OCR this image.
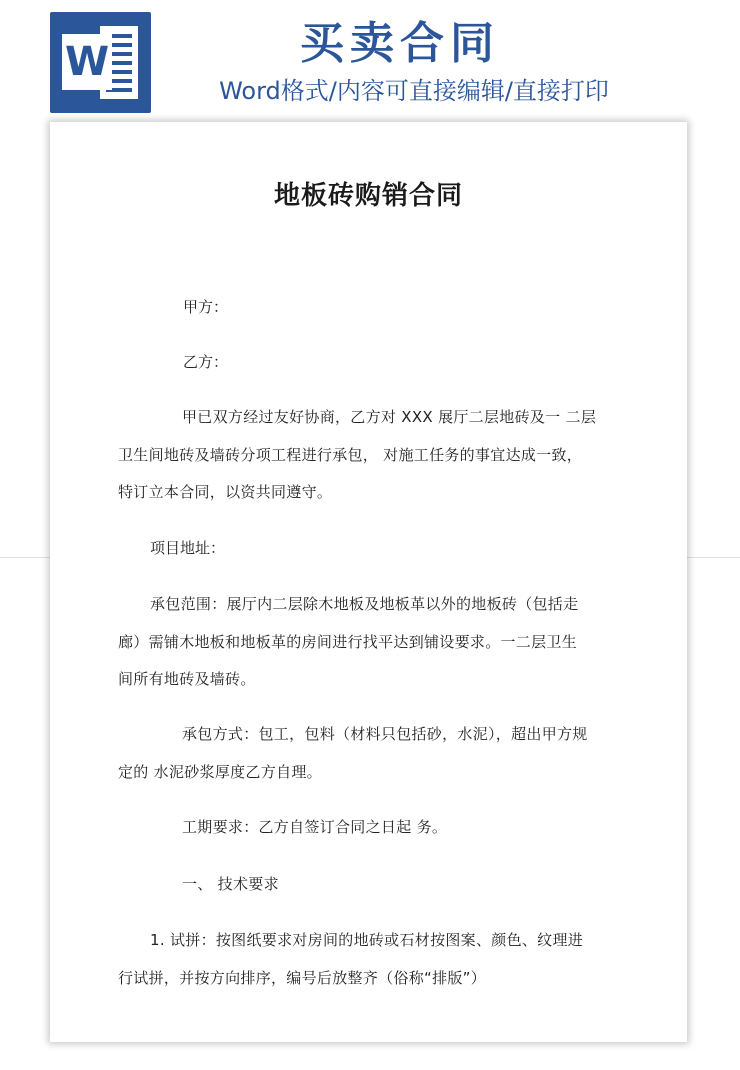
W	买卖合同
Word格式/内容可直接编辑/直接打印
地板砖购销合同
甲方：
乙方：
甲已双方经过友好协商，乙方对 XXX 展厅二层地砖及一 二层
卫生间地砖及墙砖分项工程进行承包， 对施工任务的事宜达成一致，
特订立本合同，以资共同遵守。
项目地址：
承包范围：展厅内二层除木地板及地板革以外的地板砖（包括走
廊）需铺木地板和地板革的房间进行找平达到铺设要求。一二层卫生
间所有地砖及墙砖。
承包方式：包工，包料（材料只包括砂，水泥），超出甲方规
定的 水泥砂浆厚度乙方自理。
工期要求：乙方自签订合同之日起 务。
一、 技术要求
1. 试拼：按图纸要求对房间的地砖或石材按图案、颜色、纹理进
行试拼，并按方向排序，编号后放整齐（俗称“排版”）
